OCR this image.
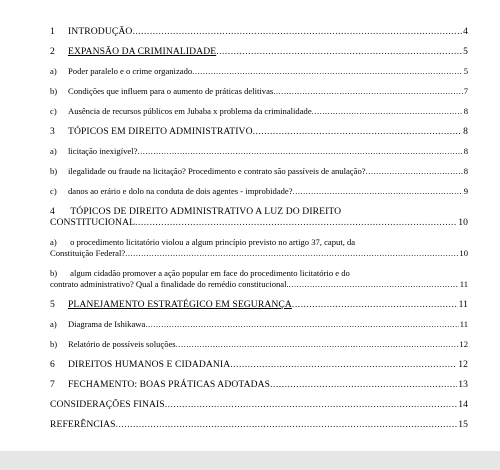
1	INTRODUÇÃO .....	4
2	EXPANSÃO DA CRIMINALIDADE .....	5
a)	Poder paralelo e o crime organizado .....	5
b)	Condições que influem para o aumento de práticas delitivas .....	7
c)	Ausência de recursos públicos em Jubaba x problema da criminalidade .....	8
3	TÓPICOS EM DIREITO ADMINISTRATIVO .....	8
a)	licitação inexigível? .....	8
b)	ilegalidade ou fraude na licitação? Procedimento e contrato são passíveis de anulação? .....	8
c)	danos ao erário e dolo na conduta de dois agentes - improbidade? .....	9
4 TÓPICOS DE DIREITO ADMINISTRATIVO A LUZ DO DIREITO
CONSTITUCIONAL .....	10
a) o procedimento licitatório violou a algum princípio previsto no artigo 37, caput, da
Constituição Federal? .....	10
b) algum cidadão promover a ação popular em face do procedimento licitatório e do
contrato administrativo? Qual a finalidade do remédio constitucional. .....	11
5	PLANEJAMENTO ESTRATÉGICO EM SEGURANÇA .....	11
a)	Diagrama de Ishikawa .....	11
b)	Relatório de possíveis soluções .....	12
6	DIREITOS HUMANOS E CIDADANIA .....	12
7	FECHAMENTO: BOAS PRÁTICAS ADOTADAS .....	13
CONSIDERAÇÕES FINAIS .....	14
REFERÊNCIAS .....	15
